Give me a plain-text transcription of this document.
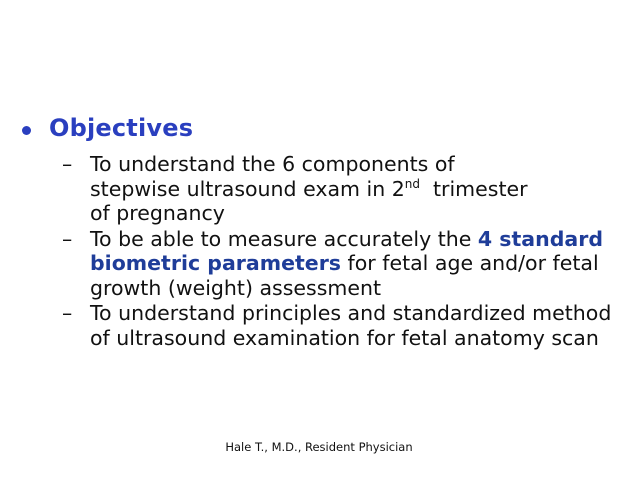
Objectives
– To understand the 6 components of
stepwise ultrasound exam in 2nd  trimester
of pregnancy
– To be able to measure accurately the 4 standard biometric parameters for fetal age and/or fetal growth (weight) assessment
– To understand principles and standardized method of ultrasound examination for fetal anatomy scan
Hale T., M.D., Resident Physician
